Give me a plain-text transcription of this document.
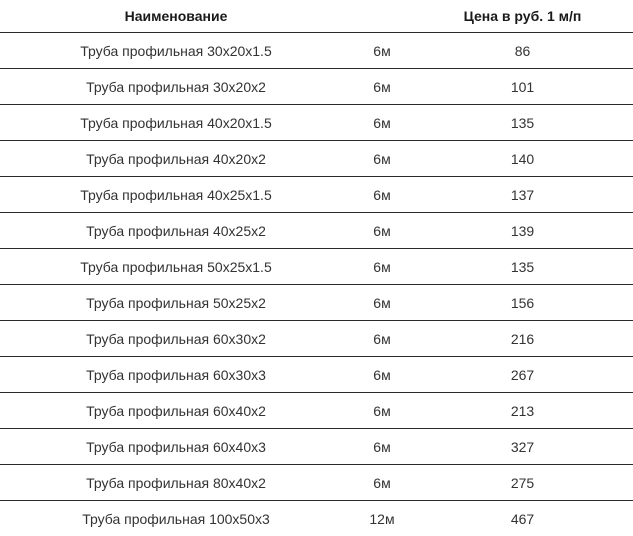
Наименование		Цена в руб. 1 м/п
Труба профильная 30х20х1.5	6м	86
Труба профильная 30х20х2	6м	101
Труба профильная 40х20х1.5	6м	135
Труба профильная 40х20х2	6м	140
Труба профильная 40х25х1.5	6м	137
Труба профильная 40х25х2	6м	139
Труба профильная 50х25х1.5	6м	135
Труба профильная 50х25х2	6м	156
Труба профильная 60х30х2	6м	216
Труба профильная 60х30х3	6м	267
Труба профильная 60х40х2	6м	213
Труба профильная 60х40х3	6м	327
Труба профильная 80х40х2	6м	275
Труба профильная 100х50х3	12м	467
